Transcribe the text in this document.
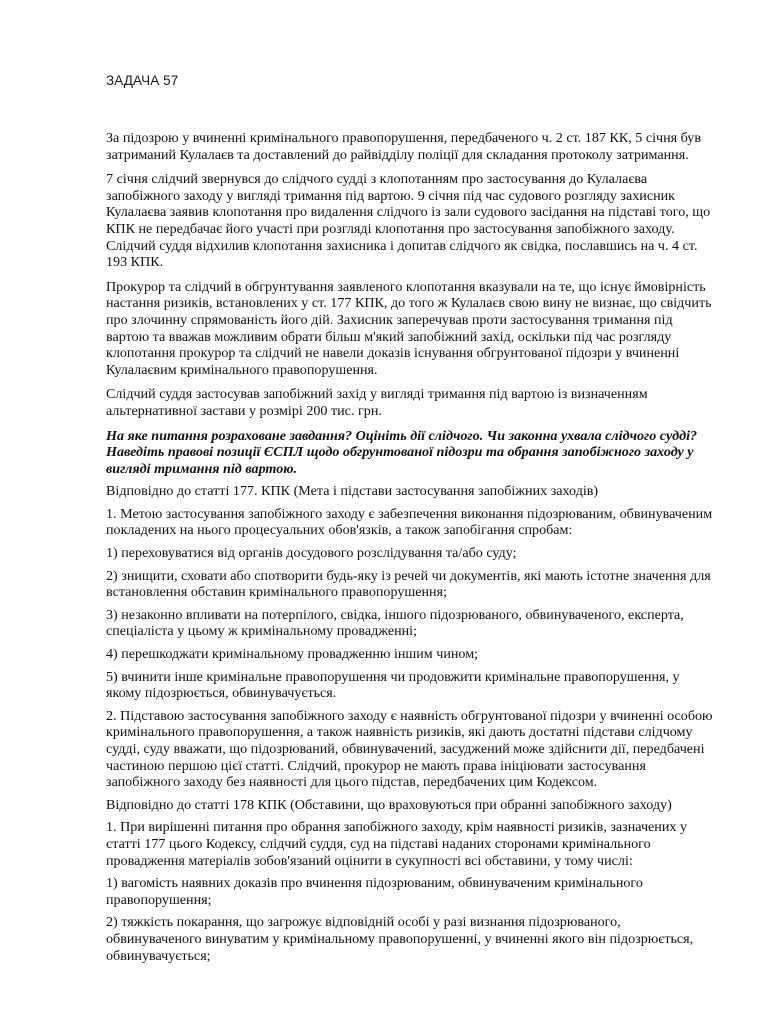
ЗАДАЧА 57

За підозрою у вчиненні кримінального правопорушення, передбаченого ч. 2 ст. 187 КК, 5 січня був затриманий Кулалаєв та доставлений до райвідділу поліції для складання протоколу затримання.

7 січня слідчий звернувся до слідчого судді з клопотанням про застосування до Кулалаєва запобіжного заходу у вигляді тримання під вартою. 9 січня під час судового розгляду захисник Кулалаєва заявив клопотання про видалення слідчого із зали судового засідання на підставі того, що КПК не передбачає його участі при розгляді клопотання про застосування запобіжного заходу. Слідчий суддя відхилив клопотання захисника і допитав слідчого як свідка, пославшись на ч. 4 ст. 193 КПК.

Прокурор та слідчий в обгрунтування заявленого клопотання вказували на те, що існує ймовірність настання ризиків, встановлених у ст. 177 КПК, до того ж Кулалаєв свою вину не визнає, що свідчить про злочинну спрямованість його дій. Захисник заперечував проти застосування тримання під вартою та вважав можливим обрати більш м'який запобіжний захід, оскільки під час розгляду клопотання прокурор та слідчий не навели доказів існування обгрунтованої підозри у вчиненні Кулалаєвим кримінального правопорушення.

Слідчий суддя застосував запобіжний захід у вигляді тримання під вартою із визначенням альтернативної застави у розмірі 200 тис. грн.

На яке питання розраховане завдання? Оцініть дії слідчого. Чи законна ухвала слідчого судді? Наведіть правові позиції ЄСПЛ щодо обгрунтованої підозри та обрання запобіжного заходу у вигляді тримання під вартою.

Відповідно до статті 177. КПК (Мета і підстави застосування запобіжних заходів)

1. Метою застосування запобіжного заходу є забезпечення виконання підозрюваним, обвинуваченим покладених на нього процесуальних обов'язків, а також запобігання спробам:

1) переховуватися від органів досудового розслідування та/або суду;

2) знищити, сховати або спотворити будь-яку із речей чи документів, які мають істотне значення для встановлення обставин кримінального правопорушення;

3) незаконно впливати на потерпілого, свідка, іншого підозрюваного, обвинуваченого, експерта, спеціаліста у цьому ж кримінальному провадженні;

4) перешкоджати кримінальному провадженню іншим чином;

5) вчинити інше кримінальне правопорушення чи продовжити кримінальне правопорушення, у якому підозрюється, обвинувачується.

2. Підставою застосування запобіжного заходу є наявність обгрунтованої підозри у вчиненні особою кримінального правопорушення, а також наявність ризиків, які дають достатні підстави слідчому судді, суду вважати, що підозрюваний, обвинувачений, засуджений може здійснити дії, передбачені частиною першою цієї статті. Слідчий, прокурор не мають права ініціювати застосування запобіжного заходу без наявності для цього підстав, передбачених цим Кодексом.

Відповідно до статті 178 КПК (Обставини, що враховуються при обранні запобіжного заходу)

1. При вирішенні питання про обрання запобіжного заходу, крім наявності ризиків, зазначених у статті 177 цього Кодексу, слідчий суддя, суд на підставі наданих сторонами кримінального провадження матеріалів зобов'язаний оцінити в сукупності всі обставини, у тому числі:

1) вагомість наявних доказів про вчинення підозрюваним, обвинуваченим кримінального правопорушення;

2) тяжкість покарання, що загрожує відповідній особі у разі визнання підозрюваного, обвинуваченого винуватим у кримінальному правопорушенні, у вчиненні якого він підозрюється, обвинувачується;
